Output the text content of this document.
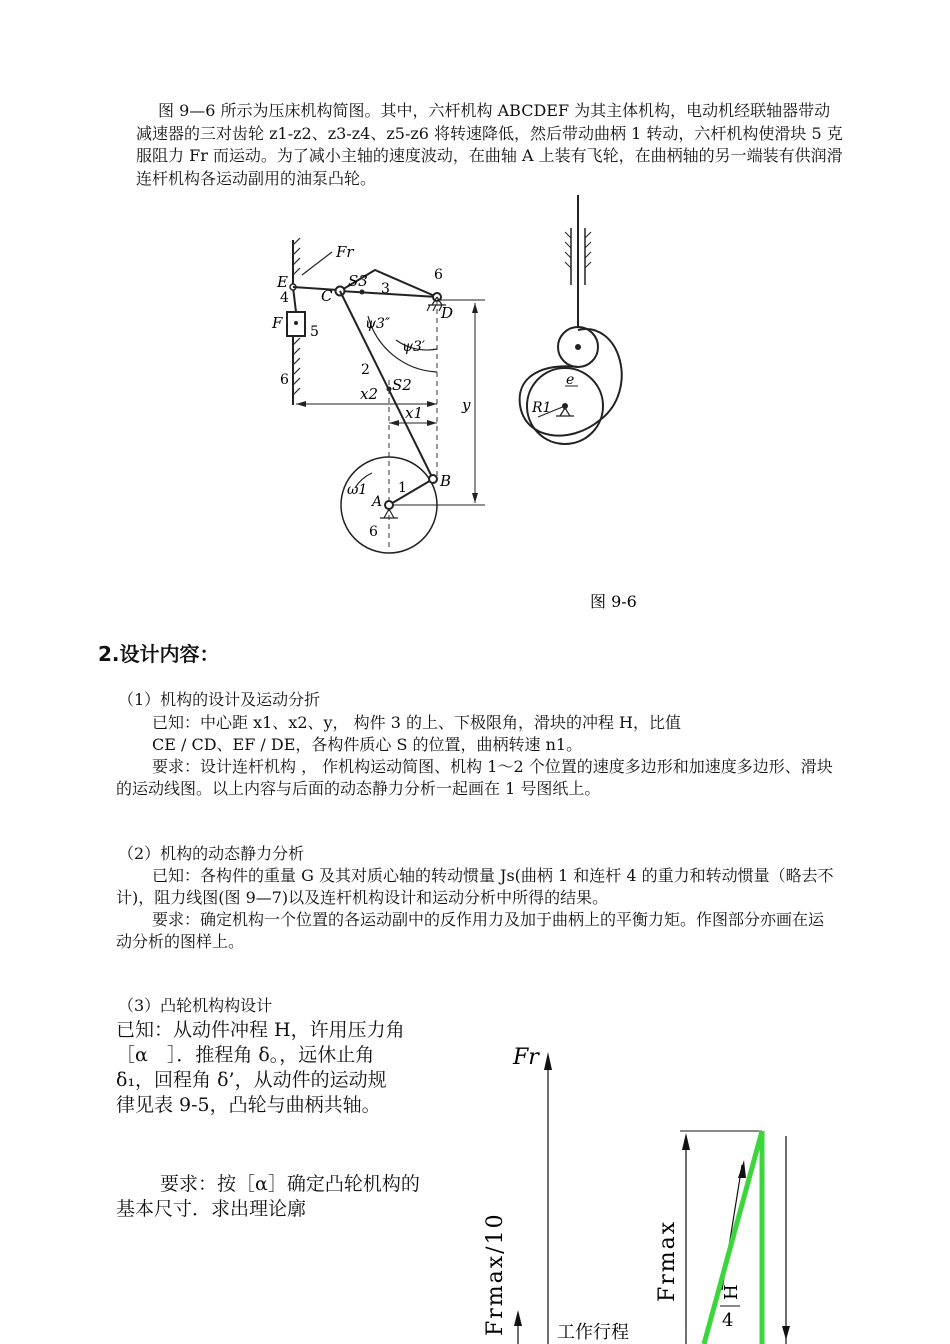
图 9—6 所示为压床机构简图。其中，六杆机构 ABCDEF 为其主体机构，电动机经联轴器带动减速器的三对齿轮 z1-z2、z3-z4、z5-z6 将转速降低，然后带动曲柄 1 转动，六杆机构使滑块 5 克服阻力 Fr 而运动。为了减小主轴的速度波动，在曲轴 A 上装有飞轮，在曲柄轴的另一端装有供润滑连杆机构各运动副用的油泵凸轮。
Fr
E
C
S3	6
3
4
D
F 5	ψ3″
ψ3′
2
6	S2
x2
x1	y
ω1
A
1 B
6
e
R1
图 9-6
2.设计内容：
（1）机构的设计及运动分折
已知：中心距 x1、x2、y， 构件 3 的上、下极限角，滑块的冲程 H，比值
CE / CD、EF / DE，各构件质心 S 的位置，曲柄转速 n1。
要求：设计连杆机构 ， 作机构运动简图、机构 1～2 个位置的速度多边形和加速度多边形、滑块的运动线图。以上内容与后面的动态静力分析一起画在 1 号图纸上。
（2）机构的动态静力分析
已知：各构件的重量 G 及其对质心轴的转动惯量 Js(曲柄 1 和连杆 4 的重力和转动惯量（略去不计)，阻力线图(图 9—7)以及连杆机构设计和运动分析中所得的结果。
要求：确定机构一个位置的各运动副中的反作用力及加于曲柄上的平衡力矩。作图部分亦画在运动分析的图样上。
（3）凸轮机构构设计
已知：从动件冲程 H，许用压力角
［α　］．推程角 δ。，远休止角
δ₁，回程角 δ’，从动件的运动规
律见表 9-5，凸轮与曲柄共轴。
要求：按［α］确定凸轮机构的
基本尺寸．求出理论廓
Fr
Frmax/10	Frmax
工作行程
H
4
